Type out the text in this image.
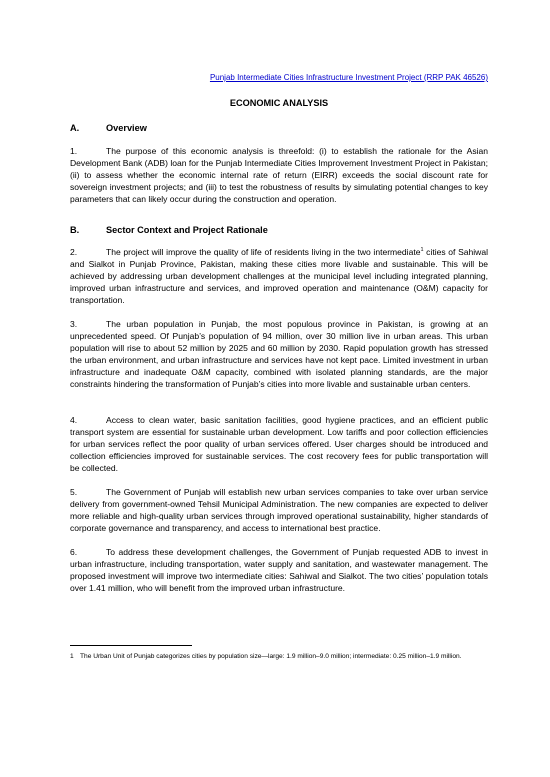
Punjab Intermediate Cities Infrastructure Investment Project (RRP PAK 46526)
ECONOMIC ANALYSIS
A.	Overview
1.	The purpose of this economic analysis is threefold: (i) to establish the rationale for the Asian Development Bank (ADB) loan for the Punjab Intermediate Cities Improvement Investment Project in Pakistan; (ii) to assess whether the economic internal rate of return (EIRR) exceeds the social discount rate for sovereign investment projects; and (iii) to test the robustness of results by simulating potential changes to key parameters that can likely occur during the construction and operation.
B.	Sector Context and Project Rationale
2.	The project will improve the quality of life of residents living in the two intermediate$^1$ cities of Sahiwal and Sialkot in Punjab Province, Pakistan, making these cities more livable and sustainable. This will be achieved by addressing urban development challenges at the municipal level including integrated planning, improved urban infrastructure and services, and improved operation and maintenance (O&M) capacity for transportation.
3.	The urban population in Punjab, the most populous province in Pakistan, is growing at an unprecedented speed. Of Punjab’s population of 94 million, over 30 million live in urban areas. This urban population will rise to about 52 million by 2025 and 60 million by 2030. Rapid population growth has stressed the urban environment, and urban infrastructure and services have not kept pace. Limited investment in urban infrastructure and inadequate O&M capacity, combined with isolated planning standards, are the major constraints hindering the transformation of Punjab’s cities into more livable and sustainable urban centers.
4.	Access to clean water, basic sanitation facilities, good hygiene practices, and an efficient public transport system are essential for sustainable urban development. Low tariffs and poor collection efficiencies for urban services reflect the poor quality of urban services offered. User charges should be introduced and collection efficiencies improved for sustainable services. The cost recovery fees for public transportation will be collected.
5.	The Government of Punjab will establish new urban services companies to take over urban service delivery from government-owned Tehsil Municipal Administration. The new companies are expected to deliver more reliable and high-quality urban services through improved operational sustainability, higher standards of corporate governance and transparency, and access to international best practice.
6.	To address these development challenges, the Government of Punjab requested ADB to invest in urban infrastructure, including transportation, water supply and sanitation, and wastewater management. The proposed investment will improve two intermediate cities: Sahiwal and Sialkot. The two cities’ population totals over 1.41 million, who will benefit from the improved urban infrastructure.
1 The Urban Unit of Punjab categorizes cities by population size—large: 1.9 million–9.0 million; intermediate: 0.25 million–1.9 million.
